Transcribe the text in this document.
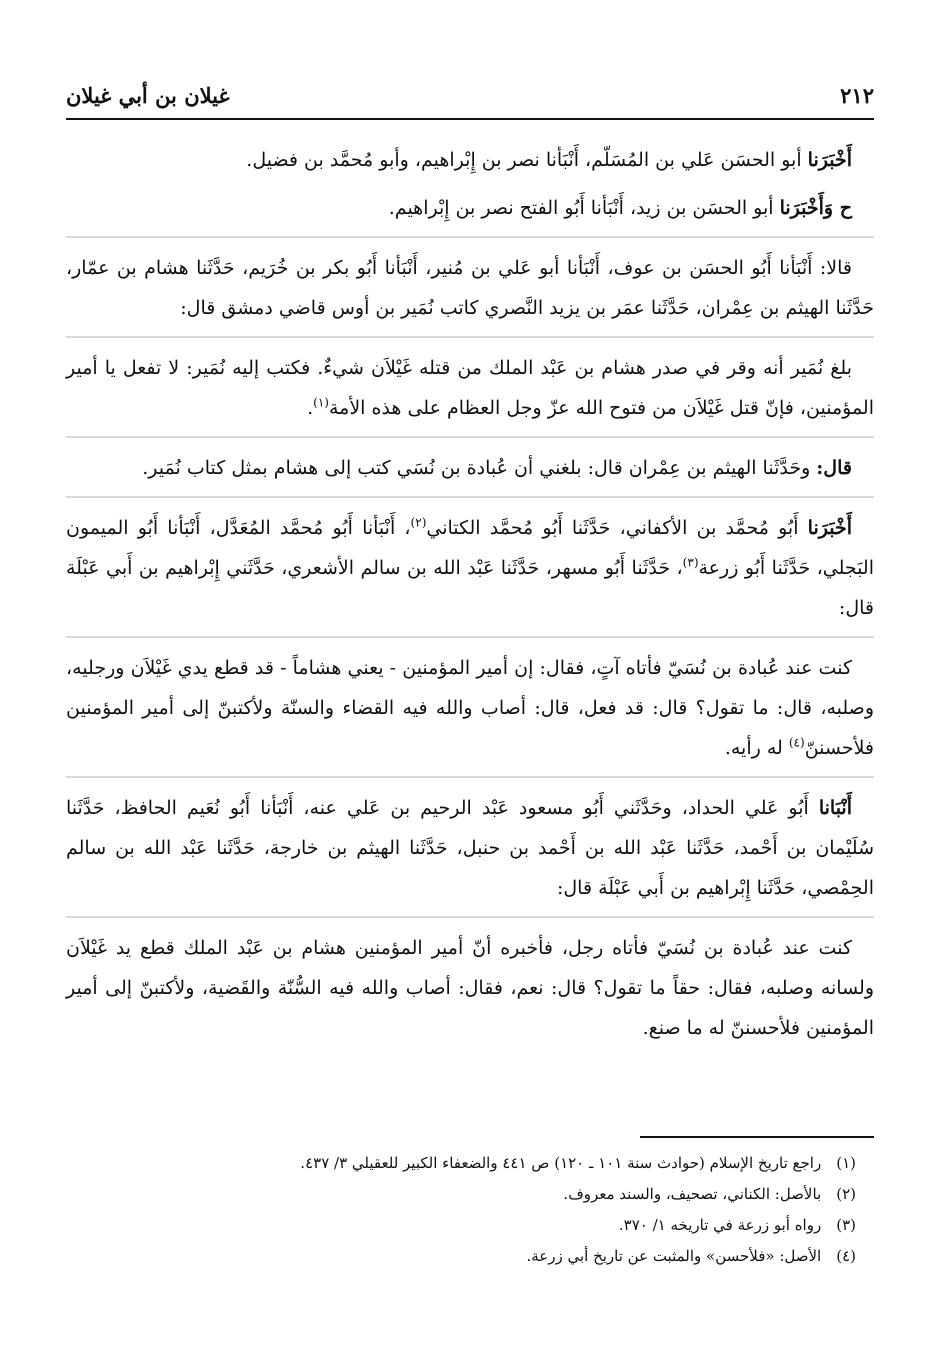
غيلان بن أبي غيلان	٢١٢

أَخْبَرَنا أبو الحسَن عَلي بن المُسَلّم، أَنْبَأنا نصر بن إِبْراهيم، وأبو مُحمَّد بن فضيل.

ح وَأَخْبَرَنا أبو الحسَن بن زيد، أَنْبَأنا أَبُو الفتح نصر بن إِبْراهيم.

قالا: أَنْبَأنا أَبُو الحسَن بن عوف، أَنْبَأنا أبو عَلي بن مُنير، أَنْبَأنا أَبُو بكر بن خُرَيم، حَدَّثَنا هشام بن عمّار، حَدَّثَنا الهيثم بن عِمْران، حَدَّثَنا عمَر بن يزيد النَّصري كاتب نُمَير بن أوس قاضي دمشق قال:

بلغ نُمَير أنه وقر في صدر هشام بن عَبْد الملك من قتله غَيْلاَن شيءٌ. فكتب إليه نُمَير: لا تفعل يا أمير المؤمنين، فإنّ قتل غَيْلاَن من فتوح الله عزّ وجل العظام على هذه الأمة$^{(١)}$.

قال: وحَدَّثَنا الهيثم بن عِمْران قال: بلغني أن عُبادة بن نُسَي كتب إلى هشام بمثل كتاب نُمَير.

أَخْبَرَنا أَبُو مُحمَّد بن الأكفاني، حَدَّثَنا أَبُو مُحمَّد الكتاني$^{(٢)}$، أَنْبَأنا أَبُو مُحمَّد المُعَدَّل، أَنْبَأنا أَبُو الميمون البَجلي، حَدَّثَنا أَبُو زرعة$^{(٣)}$، حَدَّثَنا أَبُو مسهر، حَدَّثَنا عَبْد الله بن سالم الأشعري، حَدَّثَني إِبْراهيم بن أَبي عَبْلَة قال:

كنت عند عُبادة بن نُسَيّ فأتاه آتٍ، فقال: إن أمير المؤمنين - يعني هشاماً - قد قطع يدي غَيْلاَن ورجليه، وصلبه، قال: ما تقول؟ قال: قد فعل، قال: أصاب والله فيه القضاء والسنّة ولأكتبنّ إلى أمير المؤمنين فلأحسننّ$^{(٤)}$ له رأيه.

أَنْبَانا أَبُو عَلي الحداد، وحَدَّثَني أَبُو مسعود عَبْد الرحيم بن عَلي عنه، أَنْبَأنا أَبُو نُعَيم الحافظ، حَدَّثَنا سُلَيْمان بن أَحْمد، حَدَّثَنا عَبْد الله بن أَحْمد بن حنبل، حَدَّثَنا الهيثم بن خارجة، حَدَّثَنا عَبْد الله بن سالم الحِمْصي، حَدَّثَنا إِبْراهيم بن أَبي عَبْلَة قال:

كنت عند عُبادة بن نُسَيّ فأتاه رجل، فأخبره أنّ أمير المؤمنين هشام بن عَبْد الملك قطع يد غَيْلاَن ولسانه وصلبه، فقال: حقاً ما تقول؟ قال: نعم، فقال: أصاب والله فيه السُّنّة والقَضية، ولأكتبنّ إلى أمير المؤمنين فلأحسننّ له ما صنع.

(١) راجع تاريخ الإسلام (حوادث سنة ١٠١ ـ ١٢٠) ص ٤٤١ والضعفاء الكبير للعقيلي ٣/ ٤٣٧.
(٢) بالأصل: الكناني، تصحيف، والسند معروف.
(٣) رواه أبو زرعة في تاريخه ١/ ٣٧٠.
(٤) الأصل: «فلأحسن» والمثبت عن تاريخ أبي زرعة.
